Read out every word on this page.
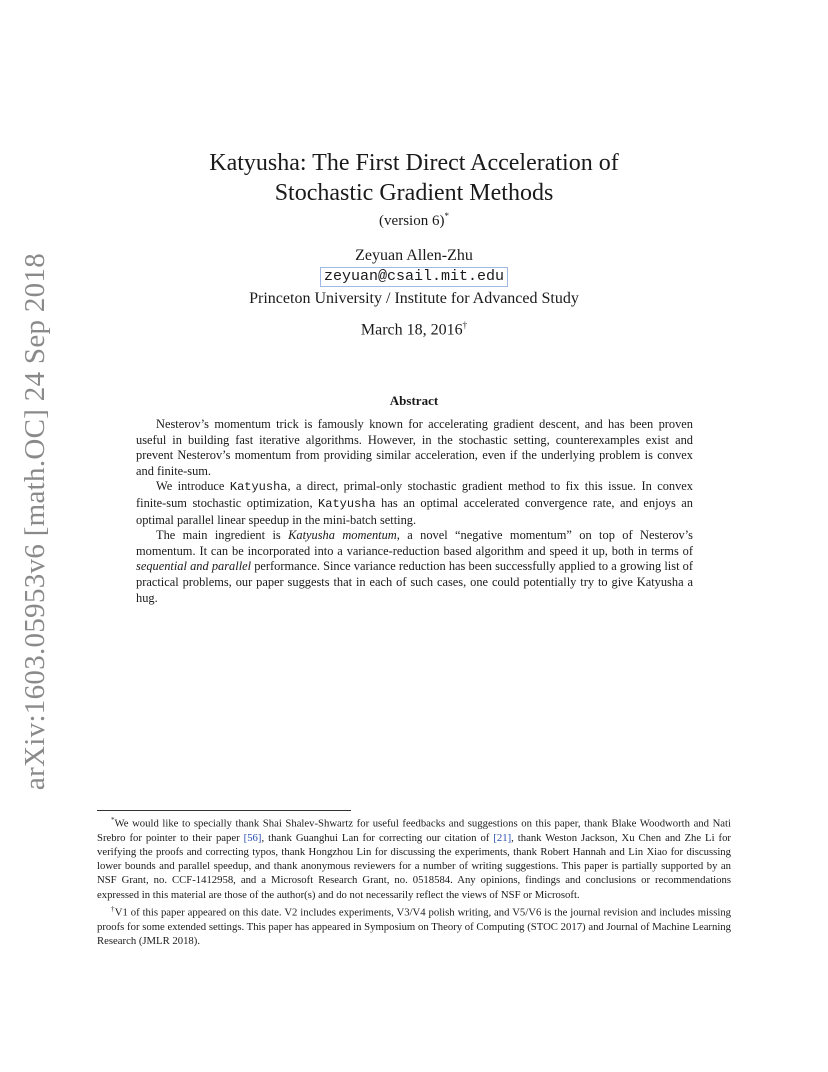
arXiv:1603.05953v6 [math.OC] 24 Sep 2018
Katyusha: The First Direct Acceleration of
Stochastic Gradient Methods
(version 6)*
Zeyuan Allen-Zhu
zeyuan@csail.mit.edu
Princeton University / Institute for Advanced Study
March 18, 2016†
Abstract

Nesterov’s momentum trick is famously known for accelerating gradient descent, and has been proven useful in building fast iterative algorithms. However, in the stochastic setting, counterexamples exist and prevent Nesterov’s momentum from providing similar acceleration, even if the underlying problem is convex and finite-sum.

We introduce Katyusha, a direct, primal-only stochastic gradient method to fix this issue. In convex finite-sum stochastic optimization, Katyusha has an optimal accelerated convergence rate, and enjoys an optimal parallel linear speedup in the mini-batch setting.

The main ingredient is Katyusha momentum, a novel “negative momentum” on top of Nesterov’s momentum. It can be incorporated into a variance-reduction based algorithm and speed it up, both in terms of sequential and parallel performance. Since variance reduction has been successfully applied to a growing list of practical problems, our paper suggests that in each of such cases, one could potentially try to give Katyusha a hug.

*We would like to specially thank Shai Shalev-Shwartz for useful feedbacks and suggestions on this paper, thank Blake Woodworth and Nati Srebro for pointer to their paper [56], thank Guanghui Lan for correcting our citation of [21], thank Weston Jackson, Xu Chen and Zhe Li for verifying the proofs and correcting typos, thank Hongzhou Lin for discussing the experiments, thank Robert Hannah and Lin Xiao for discussing lower bounds and parallel speedup, and thank anonymous reviewers for a number of writing suggestions. This paper is partially supported by an NSF Grant, no. CCF-1412958, and a Microsoft Research Grant, no. 0518584. Any opinions, findings and conclusions or recommendations expressed in this material are those of the author(s) and do not necessarily reflect the views of NSF or Microsoft.

†V1 of this paper appeared on this date. V2 includes experiments, V3/V4 polish writing, and V5/V6 is the journal revision and includes missing proofs for some extended settings. This paper has appeared in Symposium on Theory of Computing (STOC 2017) and Journal of Machine Learning Research (JMLR 2018).
